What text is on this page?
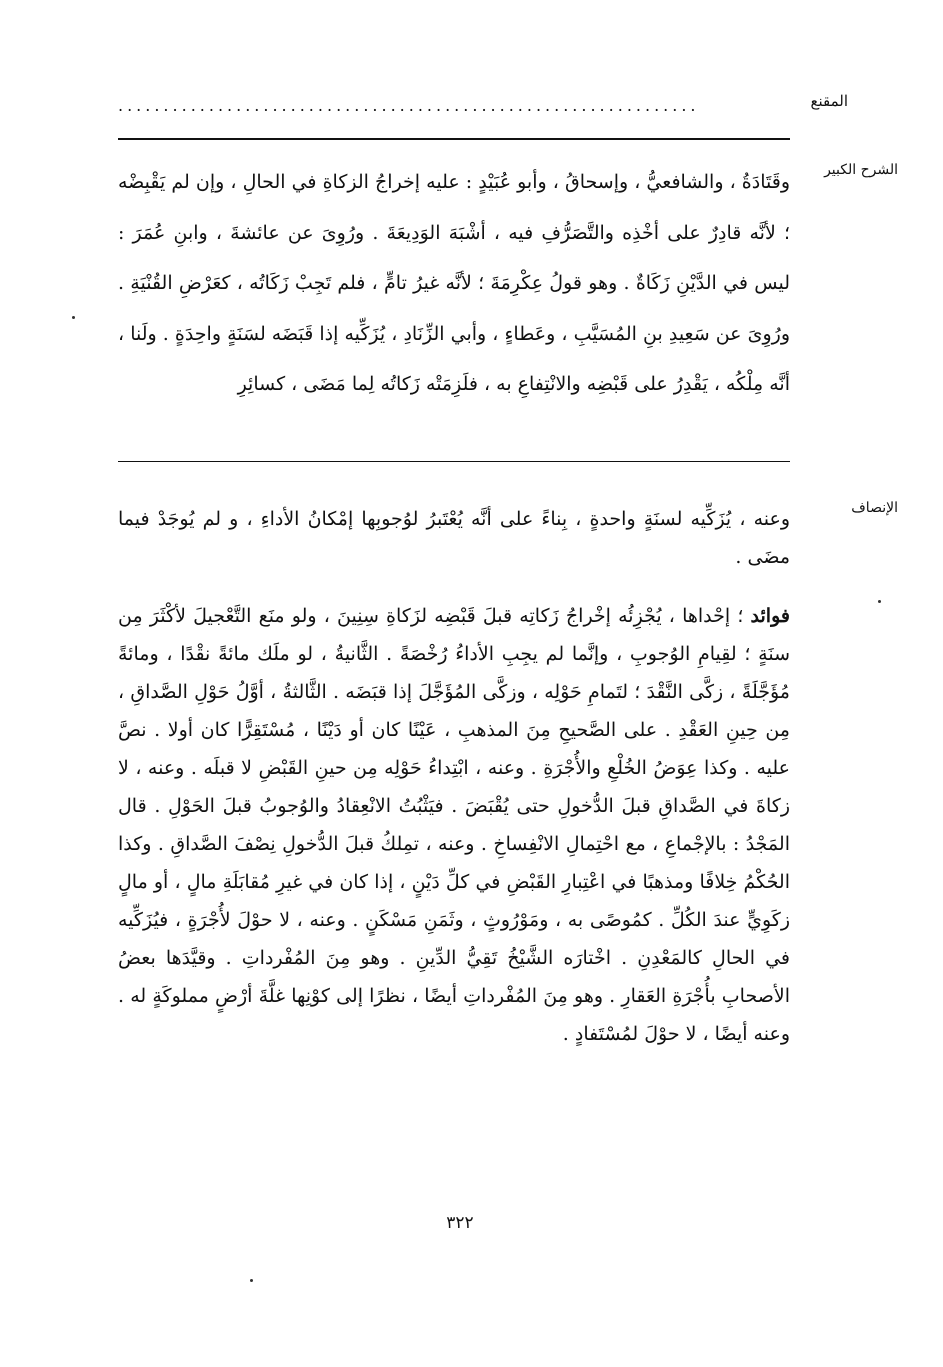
المقنع
................................................................
الشرح الكبير

وقَتَادَةُ ، والشافعيُّ ، وإسحاقُ ، وأبو عُبَيْدٍ : عليه إخراجُ الزكاةِ في الحالِ ، وإن لم يَقْبِضْه ؛ لأنَّه قادِرٌ على أخْذِه والتَّصَرُّفِ فيه ، أشْبَهَ الوَدِيعَةَ . ورُوِىَ عن عائشةَ ، وابنِ عُمَرَ : ليس في الدَّيْنِ زَكَاةٌ . وهو قولُ عِكْرِمَةَ ؛ لأنَّه غيرُ تامٍّ ، فلم تَجِبْ زَكَاتُه ، كعَرْضِ القُنْيَةِ . ورُوِىَ عن سَعِيدِ بنِ المُسَيَّبِ ، وعَطاءٍ ، وأبي الزِّنَادِ ، يُزَكِّيه إذا قَبَضَه لسَنَةٍ واحِدَةٍ . ولَنا ، أنَّه مِلْكُه ، يَقْدِرُ على قَبْضِه والانْتِفاعِ به ، فلَزِمَتْه زَكاتُه لِما مَضَى ، كسائِرِ

الإنصاف

وعنه ، يُزَكِّيه لسنَةٍ واحدةٍ ، بِناءً على أنَّه يُعْتَبرُ لوُجوبِها إمْكانُ الأداءِ ، و لم يُوجَدْ فيما مضَى .

فوائد ؛ إحْداها ، يُجْزِئُه إخْراجُ زَكاتِه قبلَ قَبْضِه لزَكاةِ سِنِينَ ، ولو منَع التَّعْجيلَ لأكْثَرَ مِن سنَةٍ ؛ لقِيامِ الوُجوبِ ، وإنَّما لم يجِبِ الأداءُ رُخْصَةً . الثَّانيةُ ، لو ملَك مائةً نقْدًا ، ومائةً مُؤَجَّلَةً ، زكَّى النَّقْدَ ؛ لتَمامِ حَوْلِه ، وزكَّى المُؤَجَّلَ إذا قبَضَه . الثَّالثةُ ، أوَّلُ حَوْلِ الصَّداقِ ، مِن حِينِ العَقْدِ . على الصَّحيحِ مِنَ المذهبِ ، عَيْنًا كان أو دَيْنًا ، مُسْتَقِرًّا كان أولا . نصَّ عليه . وكذا عِوَضُ الخُلْعِ والأُجْرَةِ . وعنه ، ابْتِداءُ حَوْلِه مِن حينِ القَبْضِ لا قبلَه . وعنه ، لا زكاةَ في الصَّداقِ قبلَ الدُّخولِ حتى يُقْبَضَ . فيَثْبُتُ الانْعِقادُ والوُجوبُ قبلَ الحَوْلِ . قال المَجْدُ : بالإجْماعِ ، مع احْتِمالِ الانْفِساخِ . وعنه ، تمِلكُ قبلَ الدُّخولِ نِصْفَ الصَّداقِ . وكذا الحُكْمُ خِلافًا ومذهبًا في اعْتِبارِ القَبْضِ في كلِّ دَيْنٍ ، إذا كان في غيرِ مُقابَلَةِ مالٍ ، أو مالٍ زكَوِيٍّ عندَ الكُلِّ . كمُوصًى به ، ومَوْرُوثٍ ، وثَمَنِ مَسْكَنٍ . وعنه ، لا حوْلَ لأُجْرَةٍ ، فيُزَكِّيه في الحالِ كالمَعْدِنِ . اخْتارَه الشَّيْخُ تَقِيُّ الدِّينِ . وهو مِنَ المُفْرداتِ . وقيَّدَها بعضُ الأصحابِ بأُجْرَةِ العَقارِ . وهو مِنَ المُفْرداتِ أيضًا ، نظرًا إلى كوْنِها غلَّةَ أرْضٍ مملوكَةٍ له . وعنه أيضًا ، لا حوْلَ لمُسْتَفادٍ .

٣٢٢
